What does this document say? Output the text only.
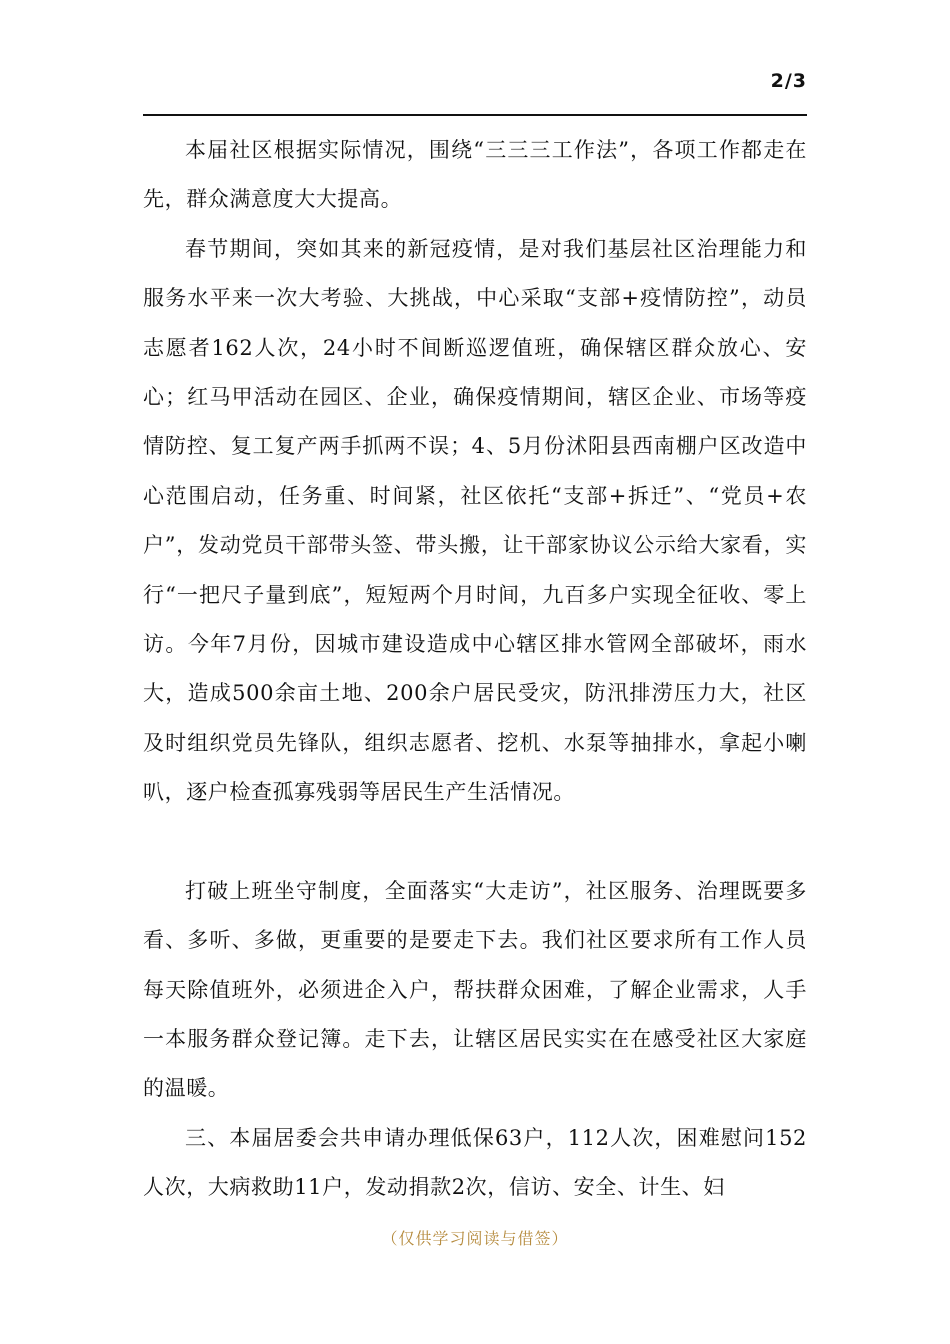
2/3

本届社区根据实际情况，围绕“三三三工作法”，各项工作都走在先，群众满意度大大提高。

春节期间，突如其来的新冠疫情，是对我们基层社区治理能力和服务水平来一次大考验、大挑战，中心采取“支部+疫情防控”，动员志愿者162人次，24小时不间断巡逻值班，确保辖区群众放心、安心；红马甲活动在园区、企业，确保疫情期间，辖区企业、市场等疫情防控、复工复产两手抓两不误；4、5月份沭阳县西南棚户区改造中心范围启动，任务重、时间紧，社区依托“支部+拆迁”、“党员+农户”，发动党员干部带头签、带头搬，让干部家协议公示给大家看，实行“一把尺子量到底”，短短两个月时间，九百多户实现全征收、零上访。今年7月份，因城市建设造成中心辖区排水管网全部破坏，雨水大，造成500余亩土地、200余户居民受灾，防汛排涝压力大，社区及时组织党员先锋队，组织志愿者、挖机、水泵等抽排水，拿起小喇叭，逐户检查孤寡残弱等居民生产生活情况。

打破上班坐守制度，全面落实“大走访”，社区服务、治理既要多看、多听、多做，更重要的是要走下去。我们社区要求所有工作人员每天除值班外，必须进企入户，帮扶群众困难，了解企业需求，人手一本服务群众登记簿。走下去，让辖区居民实实在在感受社区大家庭的温暖。

三、本届居委会共申请办理低保63户，112人次，困难慰问152人次，大病救助11户，发动捐款2次，信访、安全、计生、妇

（仅供学习阅读与借签）
